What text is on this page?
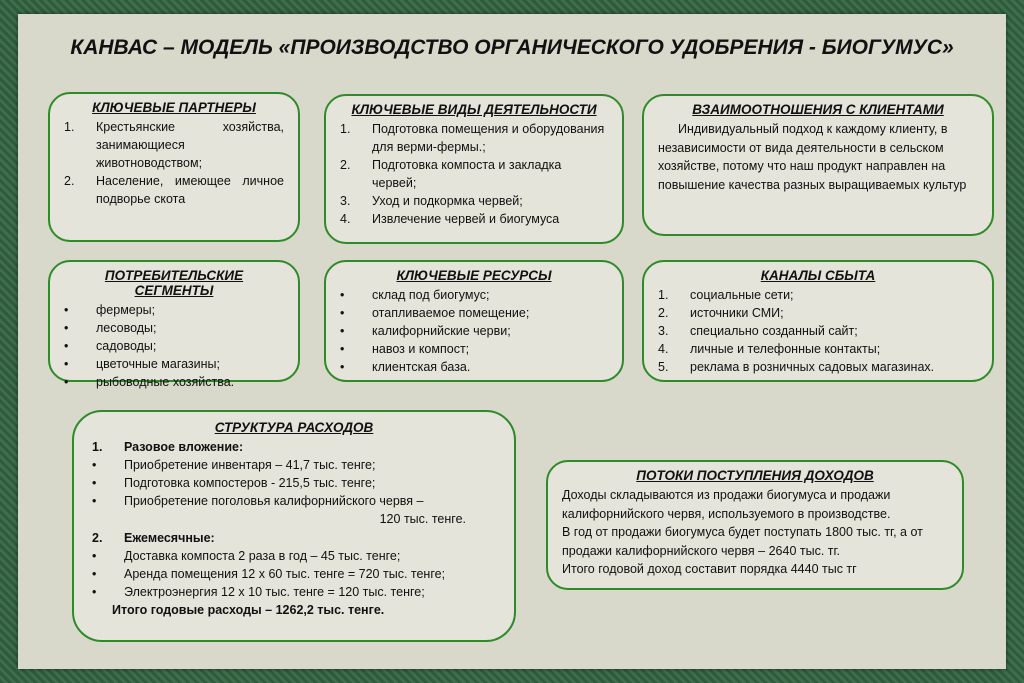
КАНВАС – МОДЕЛЬ «ПРОИЗВОДСТВО ОРГАНИЧЕСКОГО УДОБРЕНИЯ - БИОГУМУС»
КЛЮЧЕВЫЕ ПАРТНЕРЫ
1.	Крестьянские хозяйства, занимающиеся животноводством;
2.	Население, имеющее личное подворье скота
КЛЮЧЕВЫЕ ВИДЫ ДЕЯТЕЛЬНОСТИ
1.	Подготовка помещения и оборудования для верми-фермы.;
2.	Подготовка компоста и закладка червей;
3.	Уход и подкормка червей;
4.	Извлечение червей и биогумуса
ВЗАИМООТНОШЕНИЯ С КЛИЕНТАМИ
Индивидуальный подход к каждому клиенту, в независимости от вида деятельности в сельском хозяйстве, потому что наш продукт направлен на повышение качества разных выращиваемых культур
ПОТРЕБИТЕЛЬСКИЕ СЕГМЕНТЫ
•	фермеры;
•	лесоводы;
•	садоводы;
•	цветочные магазины;
•	рыбоводные хозяйства.
КЛЮЧЕВЫЕ РЕСУРСЫ
•	склад под биогумус;
•	отапливаемое помещение;
•	калифорнийские черви;
•	навоз и компост;
•	клиентская база.
КАНАЛЫ СБЫТА
1.	социальные сети;
2.	источники СМИ;
3.	специально созданный сайт;
4.	личные и телефонные контакты;
5.	реклама в розничных садовых магазинах.
СТРУКТУРА РАСХОДОВ
1.	Разовое вложение:
•	Приобретение инвентаря – 41,7 тыс. тенге;
•	Подготовка компостеров - 215,5 тыс. тенге;
•	Приобретение поголовья калифорнийского червя –
120 тыс. тенге.
2.	Ежемесячные:
•	Доставка компоста 2 раза в год – 45 тыс. тенге;
•	Аренда помещения 12 х 60 тыс. тенге = 720 тыс. тенге;
•	Электроэнергия 12 х 10 тыс. тенге = 120 тыс. тенге;
Итого годовые расходы – 1262,2 тыс. тенге.
ПОТОКИ ПОСТУПЛЕНИЯ ДОХОДОВ
Доходы складываются из продажи биогумуса и продажи калифорнийского червя, используемого в производстве.
В год от продажи биогумуса будет поступать 1800 тыс. тг, а от продажи калифорнийского червя – 2640 тыс. тг.
Итого годовой доход составит порядка 4440 тыс тг
